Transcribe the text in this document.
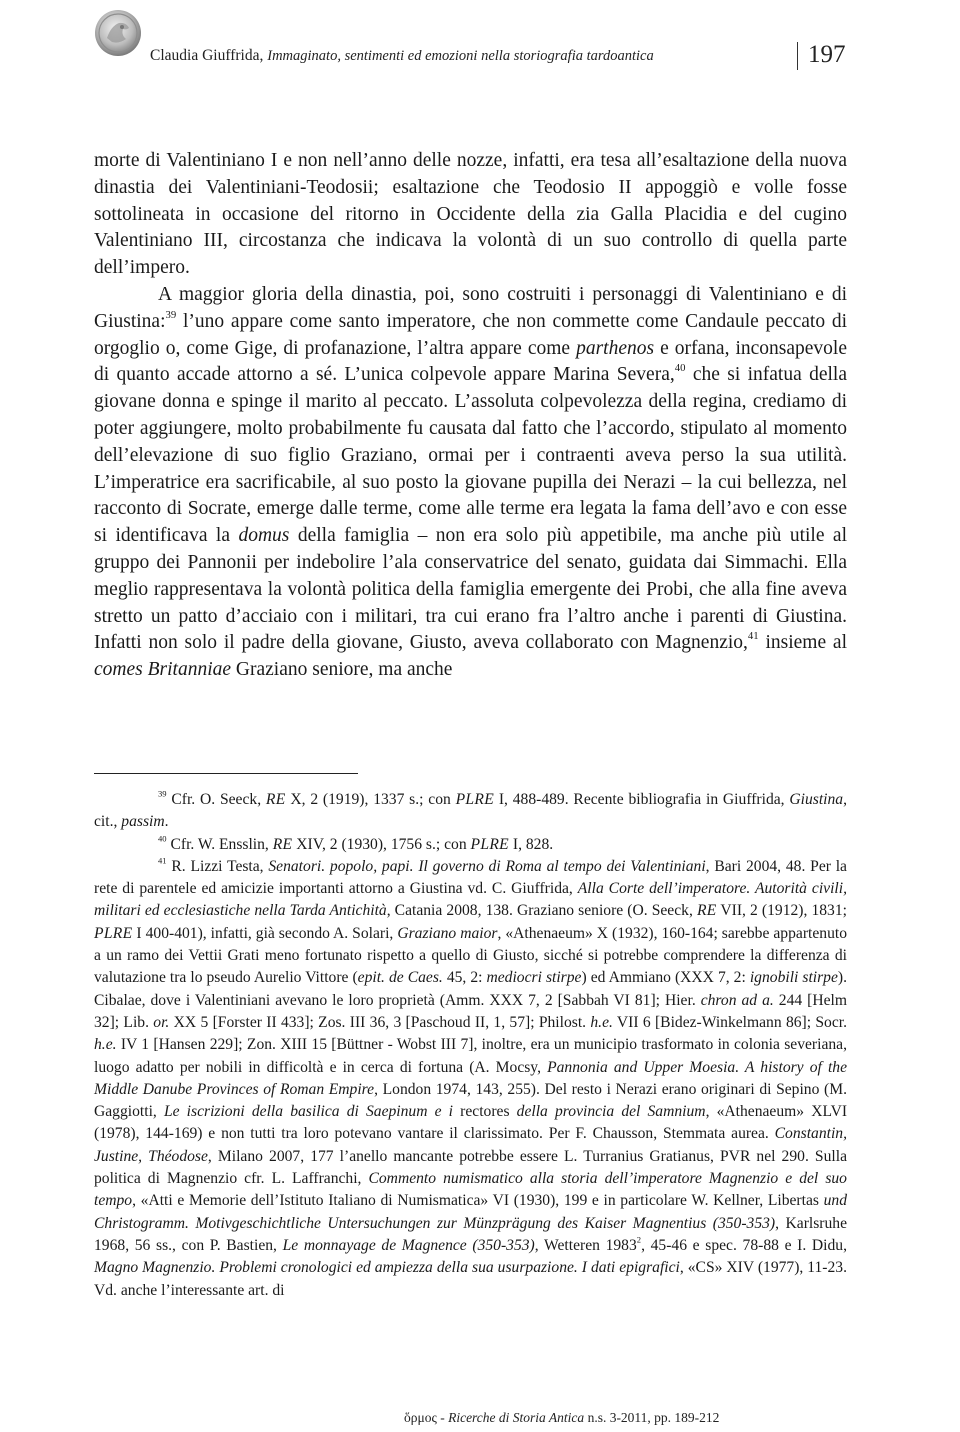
Claudia Giuffrida, Immaginato, sentimenti ed emozioni nella storiografia tardoantica	197

morte di Valentiniano I e non nell’anno delle nozze, infatti, era tesa all’esaltazione della nuova dinastia dei Valentiniani-Teodosii; esaltazione che Teodosio II appoggiò e volle fosse sottolineata in occasione del ritorno in Occidente della zia Galla Placidia e del cugino Valentiniano III, circostanza che indicava la volontà di un suo controllo di quella parte dell’impero.

A maggior gloria della dinastia, poi, sono costruiti i personaggi di Valentiniano e di Giustina:$^{39}$ l’uno appare come santo imperatore, che non commette come Candaule peccato di orgoglio o, come Gige, di profanazione, l’altra appare come parthenos e orfana, inconsapevole di quanto accade attorno a sé. L’unica colpevole appare Marina Severa,$^{40}$ che si infatua della giovane donna e spinge il marito al peccato. L’assoluta colpevolezza della regina, crediamo di poter aggiungere, molto probabilmente fu causata dal fatto che l’accordo, stipulato al momento dell’elevazione di suo figlio Graziano, ormai per i contraenti aveva perso la sua utilità. L’imperatrice era sacrificabile, al suo posto la giovane pupilla dei Nerazi – la cui bellezza, nel racconto di Socrate, emerge dalle terme, come alle terme era legata la fama dell’avo e con esse si identificava la domus della famiglia – non era solo più appetibile, ma anche più utile al gruppo dei Pannonii per indebolire l’ala conservatrice del senato, guidata dai Simmachi. Ella meglio rappresentava la volontà politica della famiglia emergente dei Probi, che alla fine aveva stretto un patto d’acciaio con i militari, tra cui erano fra l’altro anche i parenti di Giustina. Infatti non solo il padre della giovane, Giusto, aveva collaborato con Magnenzio,$^{41}$ insieme al comes Britanniae Graziano seniore, ma anche

$^{39}$ Cfr. O. Seeck, RE X, 2 (1919), 1337 s.; con PLRE I, 488-489. Recente bibliografia in Giuffrida, Giustina, cit., passim.

$^{40}$ Cfr. W. Ensslin, RE XIV, 2 (1930), 1756 s.; con PLRE I, 828.

$^{41}$ R. Lizzi Testa, Senatori. popolo, papi. Il governo di Roma al tempo dei Valentiniani, Bari 2004, 48. Per la rete di parentele ed amicizie importanti attorno a Giustina vd. C. Giuffrida, Alla Corte dell’imperatore. Autorità civili, militari ed ecclesiastiche nella Tarda Antichità, Catania 2008, 138. Graziano seniore (O. Seeck, RE VII, 2 (1912), 1831; PLRE I 400-401), infatti, già secondo A. Solari, Graziano maior, «Athenaeum» X (1932), 160-164; sarebbe appartenuto a un ramo dei Vettii Grati meno fortunato rispetto a quello di Giusto, sicché si potrebbe comprendere la differenza di valutazione tra lo pseudo Aurelio Vittore (epit. de Caes. 45, 2: mediocri stirpe) ed Ammiano (XXX 7, 2: ignobili stirpe). Cibalae, dove i Valentiniani avevano le loro proprietà (Amm. XXX 7, 2 [Sabbah VI 81]; Hier. chron ad a. 244 [Helm 32]; Lib. or. XX 5 [Forster II 433]; Zos. III 36, 3 [Paschoud II, 1, 57]; Philost. h.e. VII 6 [Bidez-Winkelmann 86]; Socr. h.e. IV 1 [Hansen 229]; Zon. XIII 15 [Büttner - Wobst III 7], inoltre, era un municipio trasformato in colonia severiana, luogo adatto per nobili in difficoltà e in cerca di fortuna (A. Mocsy, Pannonia and Upper Moesia. A history of the Middle Danube Provinces of Roman Empire, London 1974, 143, 255). Del resto i Nerazi erano originari di Sepino (M. Gaggiotti, Le iscrizioni della basilica di Saepinum e i rectores della provincia del Samnium, «Athenaeum» XLVI (1978), 144-169) e non tutti tra loro potevano vantare il clarissimato. Per F. Chausson, Stemmata aurea. Constantin, Justine, Théodose, Milano 2007, 177 l’anello mancante potrebbe essere L. Turranius Gratianus, PVR nel 290. Sulla politica di Magnenzio cfr. L. Laffranchi, Commento numismatico alla storia dell’imperatore Magnenzio e del suo tempo, «Atti e Memorie dell’Istituto Italiano di Numismatica» VI (1930), 199 e in particolare W. Kellner, Libertas und Christogramm. Motivgeschichtliche Untersuchungen zur Münzprägung des Kaiser Magnentius (350-353), Karlsruhe 1968, 56 ss., con P. Bastien, Le monnayage de Magnence (350-353), Wetteren 1983$^2$, 45-46 e spec. 78-88 e I. Didu, Magno Magnenzio. Problemi cronologici ed ampiezza della sua usurpazione. I dati epigrafici, «CS» XIV (1977), 11-23. Vd. anche l’interessante art. di

ὅρμος - Ricerche di Storia Antica n.s. 3-2011, pp. 189-212
